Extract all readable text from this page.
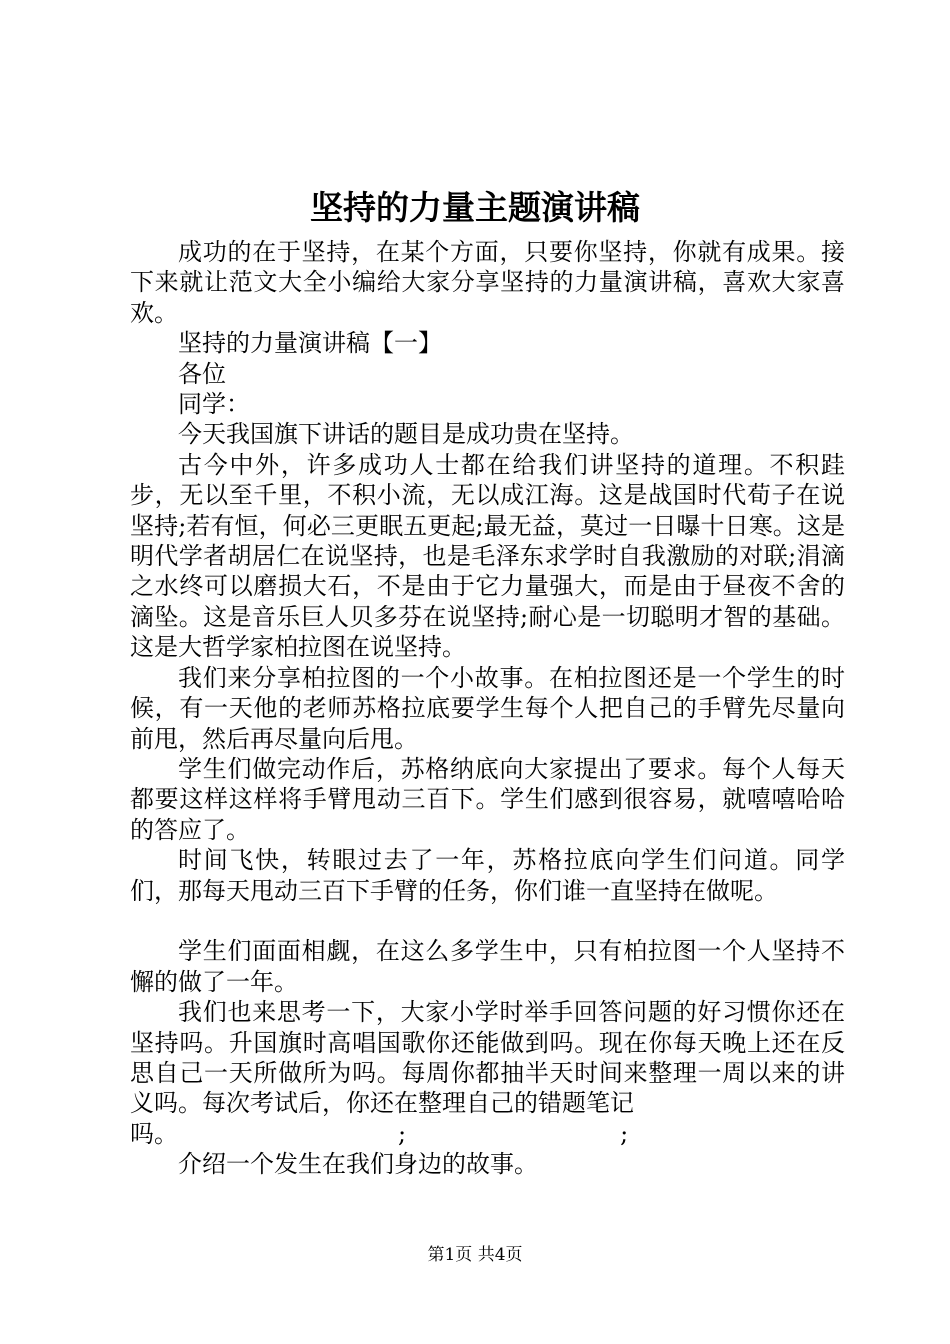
坚持的力量主题演讲稿

成功的在于坚持，在某个方面，只要你坚持，你就有成果。接下来就让范文大全小编给大家分享坚持的力量演讲稿，喜欢大家喜欢。

坚持的力量演讲稿【一】

各位

同学：

今天我国旗下讲话的题目是成功贵在坚持。

古今中外，许多成功人士都在给我们讲坚持的道理。不积跬步，无以至千里，不积小流，无以成江海。这是战国时代荀子在说坚持;若有恒，何必三更眠五更起;最无益，莫过一日曝十日寒。这是明代学者胡居仁在说坚持，也是毛泽东求学时自我激励的对联;涓滴之水终可以磨损大石，不是由于它力量强大，而是由于昼夜不舍的滴坠。这是音乐巨人贝多芬在说坚持;耐心是一切聪明才智的基础。这是大哲学家柏拉图在说坚持。

我们来分享柏拉图的一个小故事。在柏拉图还是一个学生的时候，有一天他的老师苏格拉底要学生每个人把自己的手臂先尽量向前甩，然后再尽量向后甩。

学生们做完动作后，苏格纳底向大家提出了要求。每个人每天都要这样这样将手臂甩动三百下。学生们感到很容易，就嘻嘻哈哈的答应了。

时间飞快，转眼过去了一年，苏格拉底向学生们问道。同学们，那每天甩动三百下手臂的任务，你们谁一直坚持在做呢。

学生们面面相觑，在这么多学生中，只有柏拉图一个人坚持不懈的做了一年。

我们也来思考一下，大家小学时举手回答问题的好习惯你还在坚持吗。升国旗时高唱国歌你还能做到吗。现在你每天晚上还在反思自己一天所做所为吗。每周你都抽半天时间来整理一周以来的讲义吗。每次考试后，你还在整理自己的错题笔记

吗。	;	;

介绍一个发生在我们身边的故事。

第1页 共4页
